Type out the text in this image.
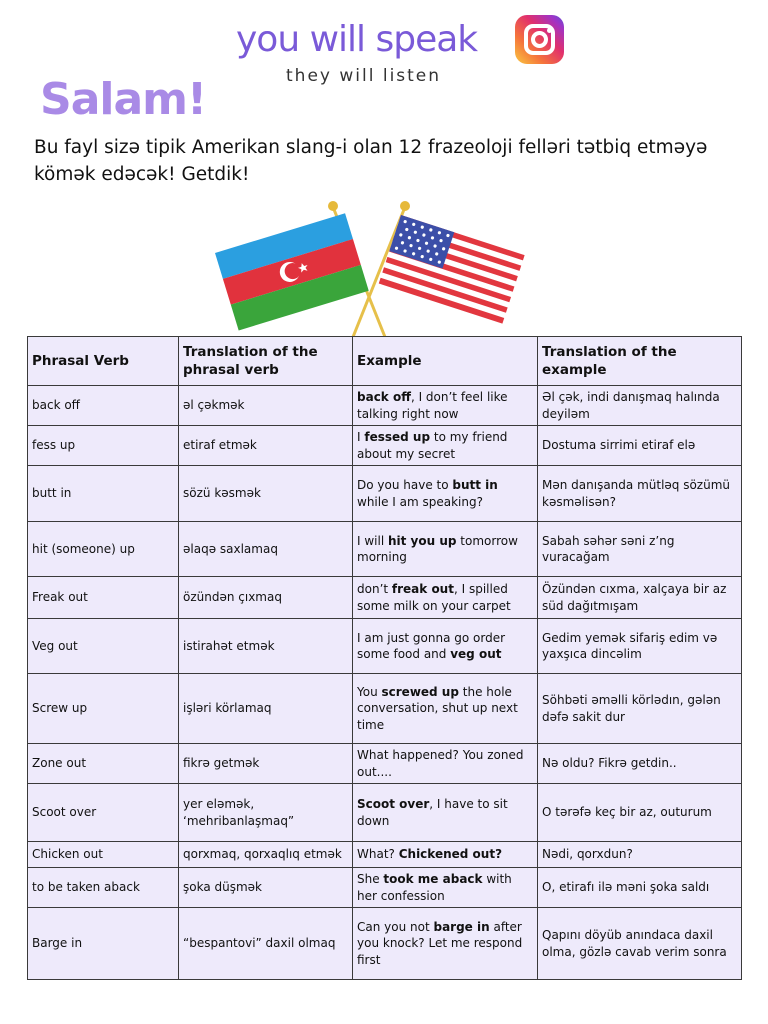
you will speak
they will listen
Salam!
Bu fayl sizə tipik Amerikan slang-i olan 12 frazeoloji felləri tətbiq etməyə kömək edəcək! Getdik!
Phrasal Verb	Translation of the phrasal verb	Example	Translation of the example
back off	əl çəkmək	back off, I don’t feel like talking right now	Əl çək, indi danışmaq halında deyiləm
fess up	etiraf etmək	I fessed up to my friend about my secret	Dostuma sirrimi etiraf elə
butt in	sözü kəsmək	Do you have to butt in while I am speaking?	Mən danışanda mütləq sözümü kəsməlisən?
hit (someone) up	əlaqə saxlamaq	I will hit you up tomorrow morning	Sabah səhər səni z’ng vuracağam
Freak out	özündən çıxmaq	don’t freak out, I spilled some milk on your carpet	Özündən cıxma, xalçaya bir az süd dağıtmışam
Veg out	istirahət etmək	I am just gonna go order some food and veg out	Gedim yemək sifariş edim və yaxşıca dincəlim
Screw up	işləri körlamaq	You screwed up the hole conversation, shut up next time	Söhbəti əməlli körlədın, gələn dəfə sakit dur
Zone out	fikrə getmək	What happened? You zoned out....	Nə oldu? Fikrə getdin..
Scoot over	yer eləmək, ‘mehribanlaşmaq”	Scoot over, I have to sit down	O tərəfə keç bir az, outurum
Chicken out	qorxmaq, qorxaqlıq etmək	What? Chickened out?	Nədi, qorxdun?
to be taken aback	şoka düşmək	She took me aback with her confession	O, etirafı ilə məni şoka saldı
Barge in	“bespantovi” daxil olmaq	Can you not barge in after you knock? Let me respond first	Qapını döyüb anındaca daxil olma, gözlə cavab verim sonra
